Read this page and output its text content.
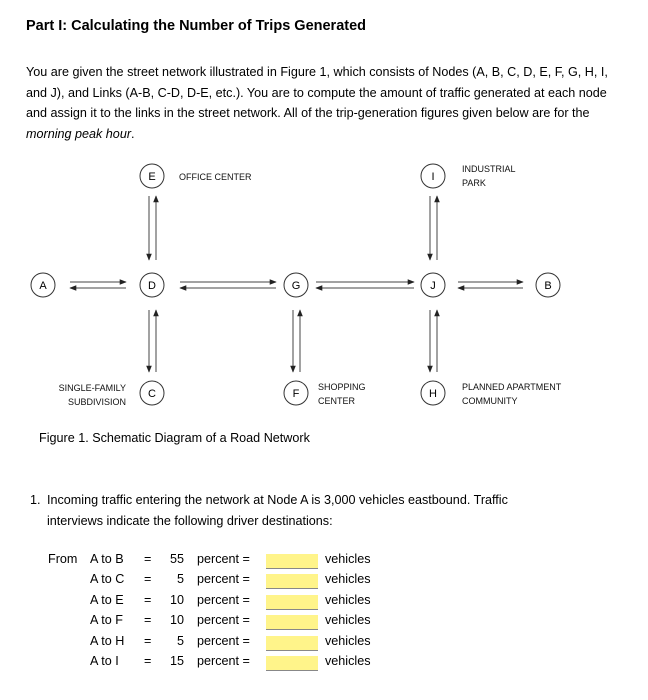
Part I: Calculating the Number of Trips Generated
You are given the street network illustrated in Figure 1, which consists of Nodes (A, B, C, D, E, F, G, H, I, and J), and Links (A-B, C-D, D-E, etc.). You are to compute the amount of traffic generated at each node and assign it to the links in the street network. All of the trip-generation figures given below are for the morning peak hour.
A	D	G	J	B
E	I
C	F	H
OFFICE CENTER
INDUSTRIAL
PARK
SINGLE-FAMILY
SUBDIVISION
SHOPPING
CENTER
PLANNED APARTMENT
COMMUNITY
Figure 1. Schematic Diagram of a Road Network
1. Incoming traffic entering the network at Node A is 3,000 vehicles eastbound. Traffic interviews indicate the following driver destinations:
From A to B =	55 percent =	vehicles
A to C =	5 percent =	vehicles
A to E =	10 percent =	vehicles
A to F =	10 percent =	vehicles
A to H =	5 percent =	vehicles
A to I =	15 percent =	vehicles
